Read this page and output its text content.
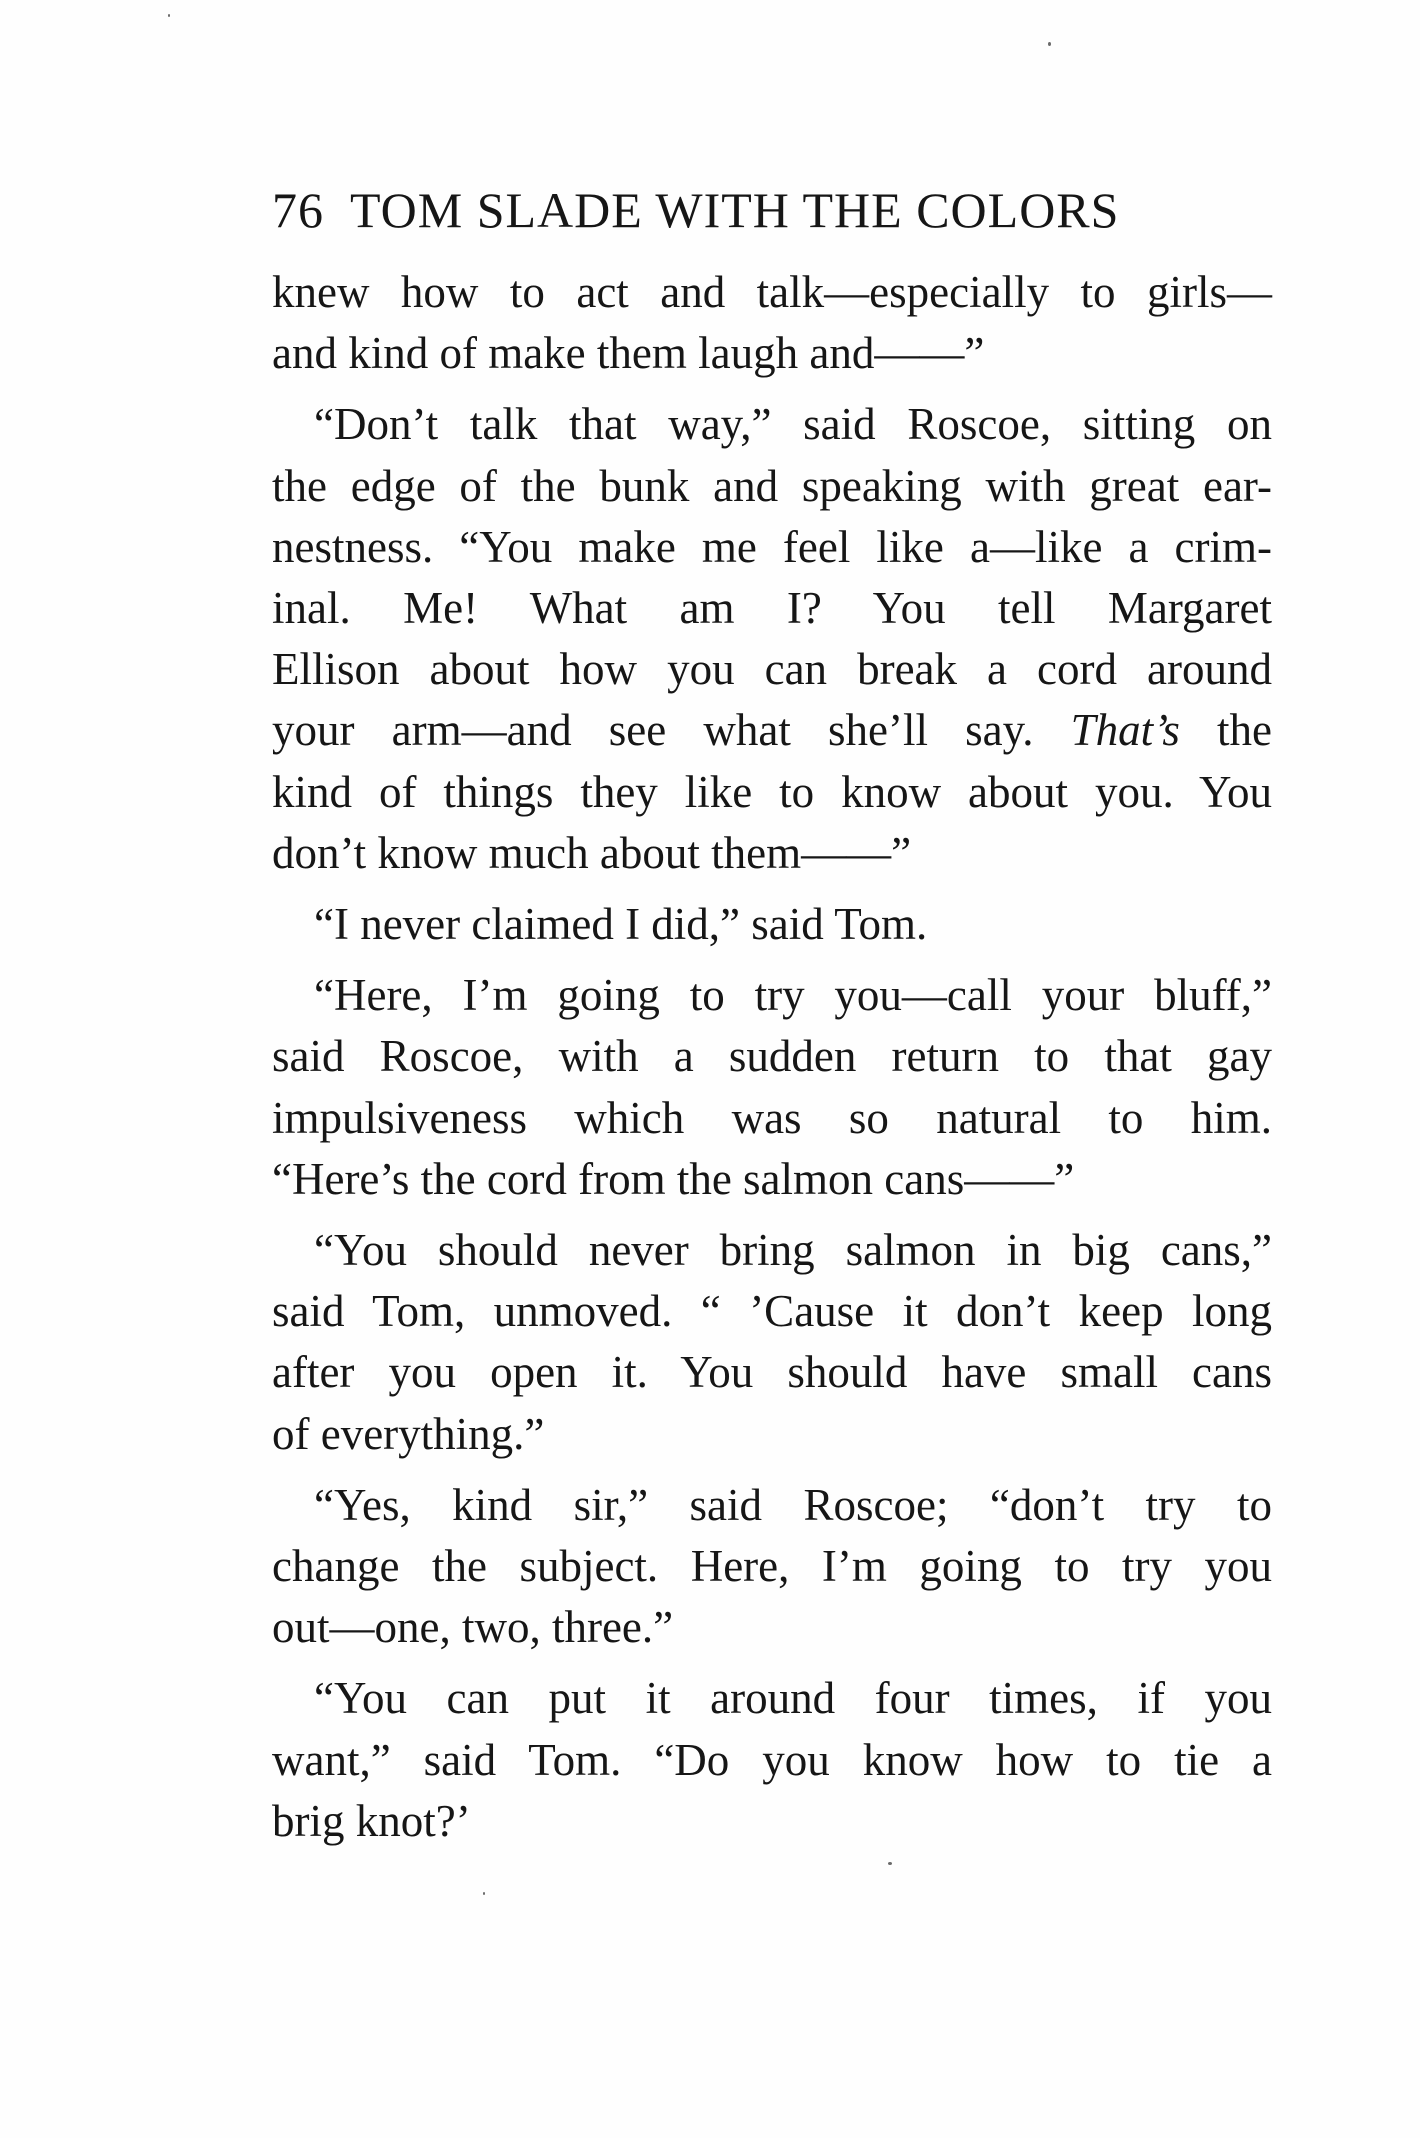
76 TOM SLADE WITH THE COLORS
knew how to act and talk—especially to girls—
and kind of make them laugh and——”
“Don’t talk that way,” said Roscoe, sitting on
the edge of the bunk and speaking with great ear-
nestness. “You make me feel like a—like a crim-
inal. Me! What am I? You tell Margaret
Ellison about how you can break a cord around
your arm—and see what she’ll say. That’s the
kind of things they like to know about you. You
don’t know much about them——”
“I never claimed I did,” said Tom.
“Here, I’m going to try you—call your bluff,”
said Roscoe, with a sudden return to that gay
impulsiveness which was so natural to him.
“Here’s the cord from the salmon cans——”
“You should never bring salmon in big cans,”
said Tom, unmoved. “ ’Cause it don’t keep long
after you open it. You should have small cans
of everything.”
“Yes, kind sir,” said Roscoe; “don’t try to
change the subject. Here, I’m going to try you
out—one, two, three.”
“You can put it around four times, if you
want,” said Tom. “Do you know how to tie a
brig knot?’
